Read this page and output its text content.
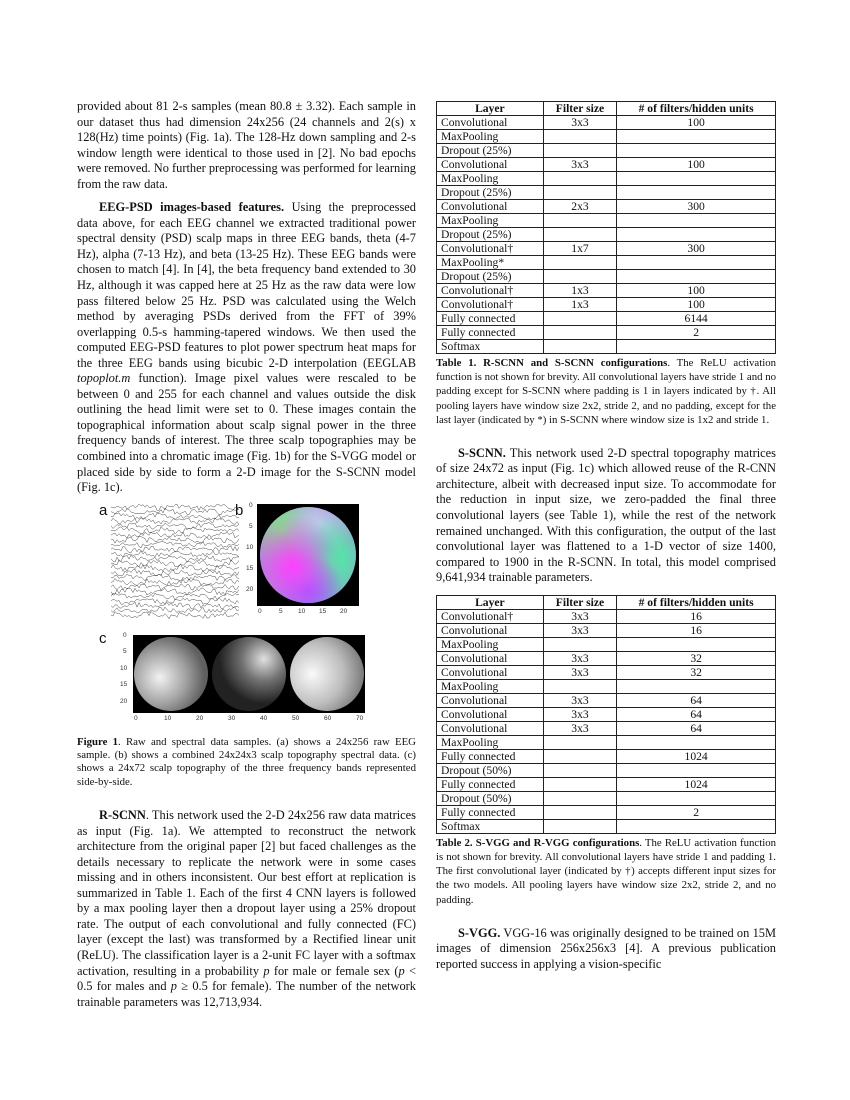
provided about 81 2-s samples (mean 80.8 ± 3.32). Each sample in our dataset thus had dimension 24x256 (24 channels and 2(s) x 128(Hz) time points) (Fig. 1a). The 128-Hz down sampling and 2-s window length were identical to those used in [2]. No bad epochs were removed. No further preprocessing was performed for learning from the raw data.

EEG-PSD images-based features. Using the preprocessed data above, for each EEG channel we extracted traditional power spectral density (PSD) scalp maps in three EEG bands, theta (4-7 Hz), alpha (7-13 Hz), and beta (13-25 Hz). These EEG bands were chosen to match [4]. In [4], the beta frequency band extended to 30 Hz, although it was capped here at 25 Hz as the raw data were low pass filtered below 25 Hz. PSD was calculated using the Welch method by averaging PSDs derived from the FFT of 39% overlapping 0.5-s hamming-tapered windows. We then used the computed EEG-PSD features to plot power spectrum heat maps for the three EEG bands using bicubic 2-D interpolation (EEGLAB topoplot.m function). Image pixel values were rescaled to be between 0 and 255 for each channel and values outside the disk outlining the head limit were set to 0. These images contain the topographical information about scalp signal power in the three frequency bands of interest. The three scalp topographies may be combined into a chromatic image (Fig. 1b) for the S-VGG model or placed side by side to form a 2-D image for the S-SCNN model (Fig. 1c).

a	b
c
0
5
10
15
20
0	5 10 15 20
0
5
10
15
20
0	10	20	30	40	50	60	70

Figure 1. Raw and spectral data samples. (a) shows a 24x256 raw EEG sample. (b) shows a combined 24x24x3 scalp topography spectral data. (c) shows a 24x72 scalp topography of the three frequency bands represented side-by-side.

R-SCNN. This network used the 2-D 24x256 raw data matrices as input (Fig. 1a). We attempted to reconstruct the network architecture from the original paper [2] but faced challenges as the details necessary to replicate the network were in some cases missing and in others inconsistent. Our best effort at replication is summarized in Table 1. Each of the first 4 CNN layers is followed by a max pooling layer then a dropout layer using a 25% dropout rate. The output of each convolutional and fully connected (FC) layer (except the last) was transformed by a Rectified linear unit (ReLU). The classification layer is a 2-unit FC layer with a softmax activation, resulting in a probability p for male or female sex (p < 0.5 for males and p ≥ 0.5 for female). The number of the network trainable parameters was 12,713,934.

Layer	Filter size	# of filters/hidden units
Convolutional	3x3	100
MaxPooling		
Dropout (25%)		
Convolutional	3x3	100
MaxPooling		
Dropout (25%)		
Convolutional	2x3	300
MaxPooling		
Dropout (25%)		
Convolutional†	1x7	300
MaxPooling*		
Dropout (25%)		
Convolutional†	1x3	100
Convolutional†	1x3	100
Fully connected		6144
Fully connected		2
Softmax		

Table 1. R-SCNN and S-SCNN configurations. The ReLU activation function is not shown for brevity. All convolutional layers have stride 1 and no padding except for S-SCNN where padding is 1 in layers indicated by †. All pooling layers have window size 2x2, stride 2, and no padding, except for the last layer (indicated by *) in S-SCNN where window size is 1x2 and stride 1.

S-SCNN. This network used 2-D spectral topography matrices of size 24x72 as input (Fig. 1c) which allowed reuse of the R-CNN architecture, albeit with decreased input size. To accommodate for the reduction in input size, we zero-padded the final three convolutional layers (see Table 1), while the rest of the network remained unchanged. With this configuration, the output of the last convolutional layer was flattened to a 1-D vector of size 1400, compared to 1900 in the R-SCNN. In total, this model comprised 9,641,934 trainable parameters.

Layer	Filter size	# of filters/hidden units
Convolutional†	3x3	16
Convolutional	3x3	16
MaxPooling		
Convolutional	3x3	32
Convolutional	3x3	32
MaxPooling		
Convolutional	3x3	64
Convolutional	3x3	64
Convolutional	3x3	64
MaxPooling		
Fully connected		1024
Dropout (50%)		
Fully connected		1024
Dropout (50%)		
Fully connected		2
Softmax		

Table 2. S-VGG and R-VGG configurations. The ReLU activation function is not shown for brevity. All convolutional layers have stride 1 and padding 1. The first convolutional layer (indicated by †) accepts different input sizes for the two models. All pooling layers have window size 2x2, stride 2, and no padding.

S-VGG. VGG-16 was originally designed to be trained on 15M images of dimension 256x256x3 [4]. A previous publication reported success in applying a vision-specific
